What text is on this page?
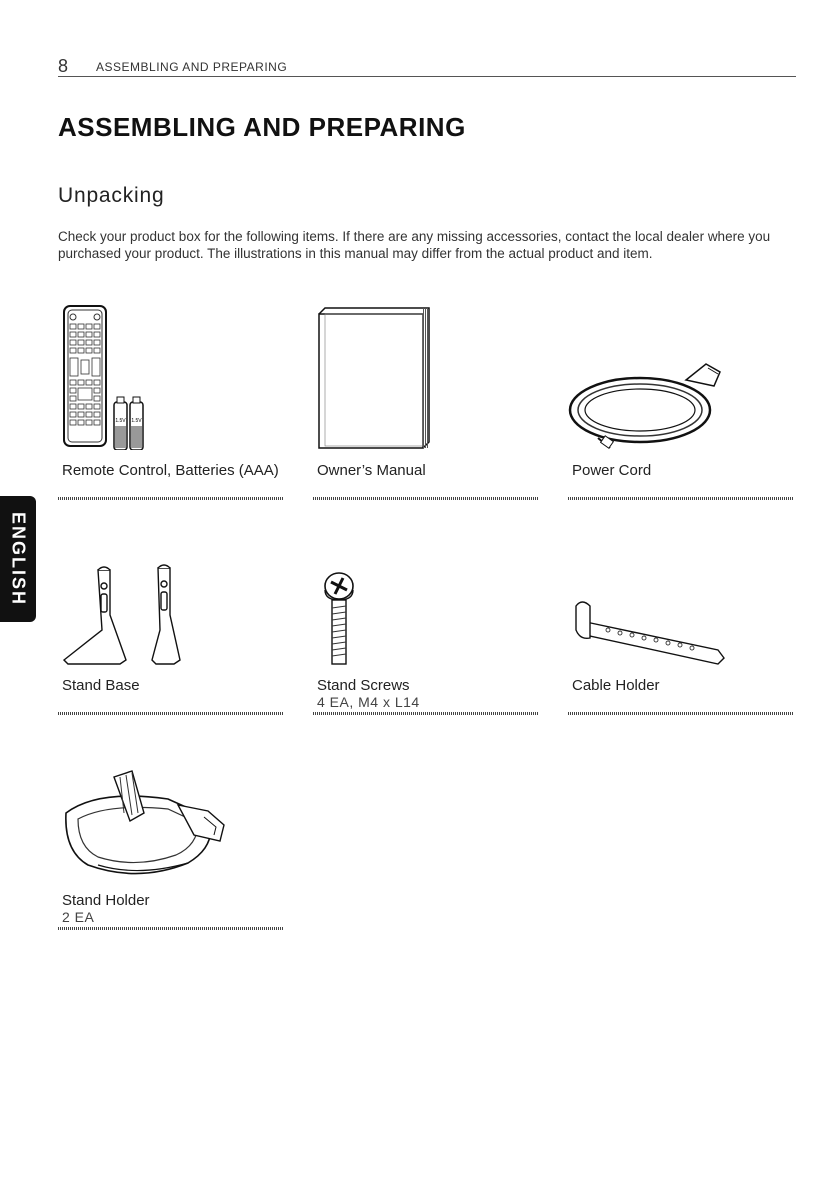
8 ASSEMBLING AND PREPARING
ASSEMBLING AND PREPARING
Unpacking

Check your product box for the following items. If there are any missing accessories, contact the local dealer where you purchased your product. The illustrations in this manual may differ from the actual product and item.

ENGLISH
1.5V 1.5V
Remote Control, Batteries (AAA)	Owner’s Manual	Power Cord
Stand Base	Stand Screws
4 EA, M4 x L14
Cable Holder
Stand Holder
2 EA
